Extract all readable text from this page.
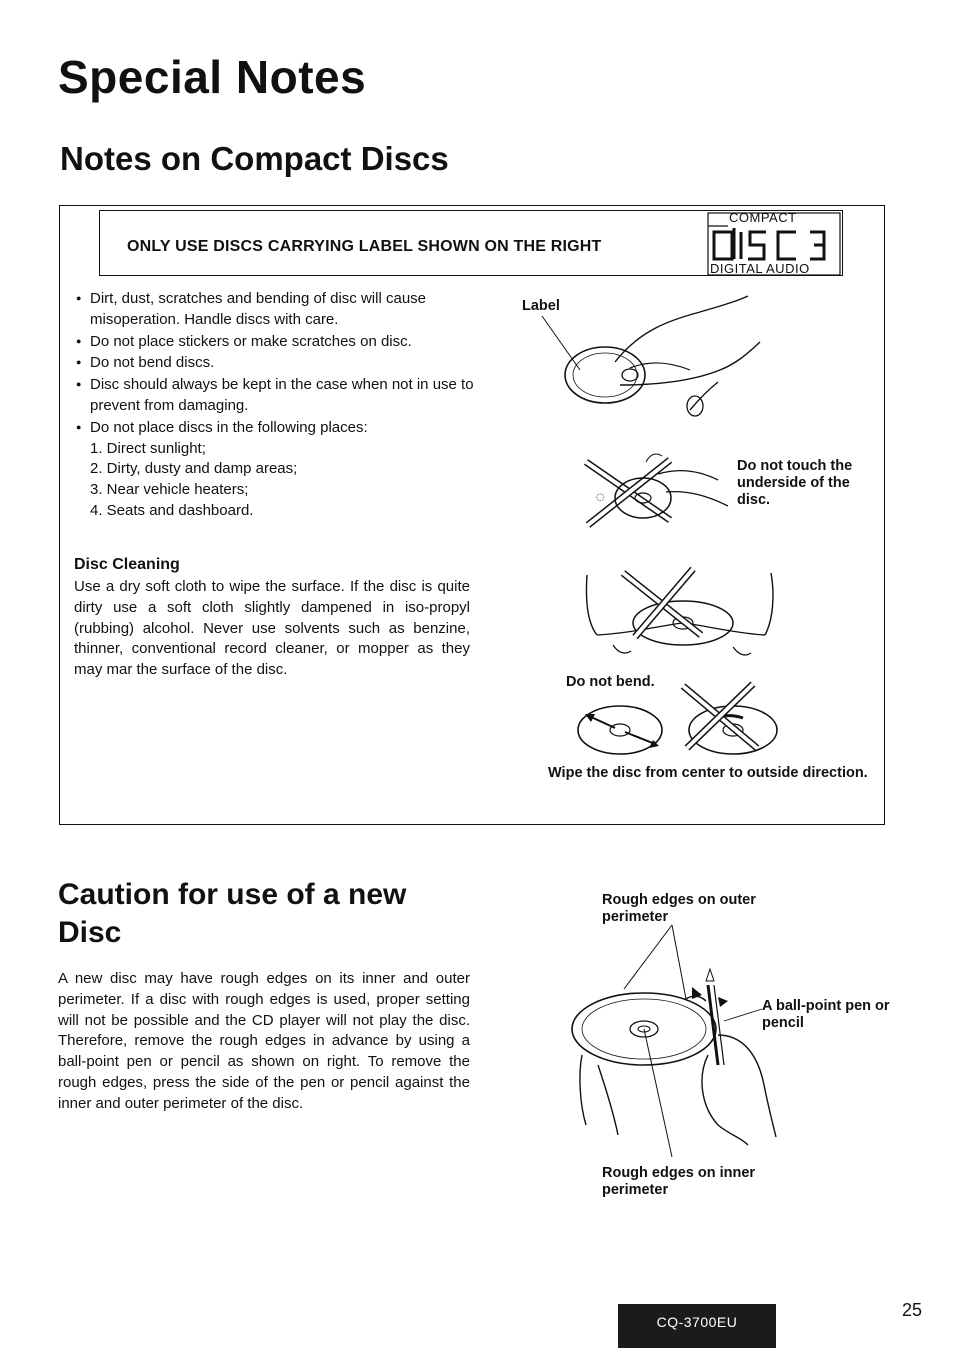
Special Notes
Notes on Compact Discs
ONLY USE DISCS CARRYING LABEL SHOWN ON THE RIGHT
COMPACT
DIGITAL AUDIO
● Dirt, dust, scratches and bending of disc will cause misoperation. Handle discs with care.
● Do not place stickers or make scratches on disc.
● Do not bend discs.
● Disc should always be kept in the case when not in use to prevent from damaging.
● Do not place discs in the following places:
1. Direct sunlight;
2. Dirty, dusty and damp areas;
3. Near vehicle heaters;
4. Seats and dashboard.
Disc Cleaning
Use a dry soft cloth to wipe the surface. If the disc is quite dirty use a soft cloth slightly dampened in iso-propyl (rubbing) alcohol. Never use solvents such as benzine, thinner, conventional record cleaner, or mopper as they may mar the surface of the disc.
Label
◌
Do not touch the underside of the disc.
Do not bend.
Wipe the disc from center to outside direction.
Caution for use of a new Disc
A new disc may have rough edges on its inner and outer perimeter. If a disc with rough edges is used, proper setting will not be possible and the CD player will not play the disc. Therefore, remove the rough edges in advance by using a ball-point pen or pencil as shown on right. To remove the rough edges, press the side of the pen or pencil against the inner and outer perimeter of the disc.
Rough edges on outer perimeter
A ball-point pen or pencil
Rough edges on inner perimeter
CQ-3700EU
25
